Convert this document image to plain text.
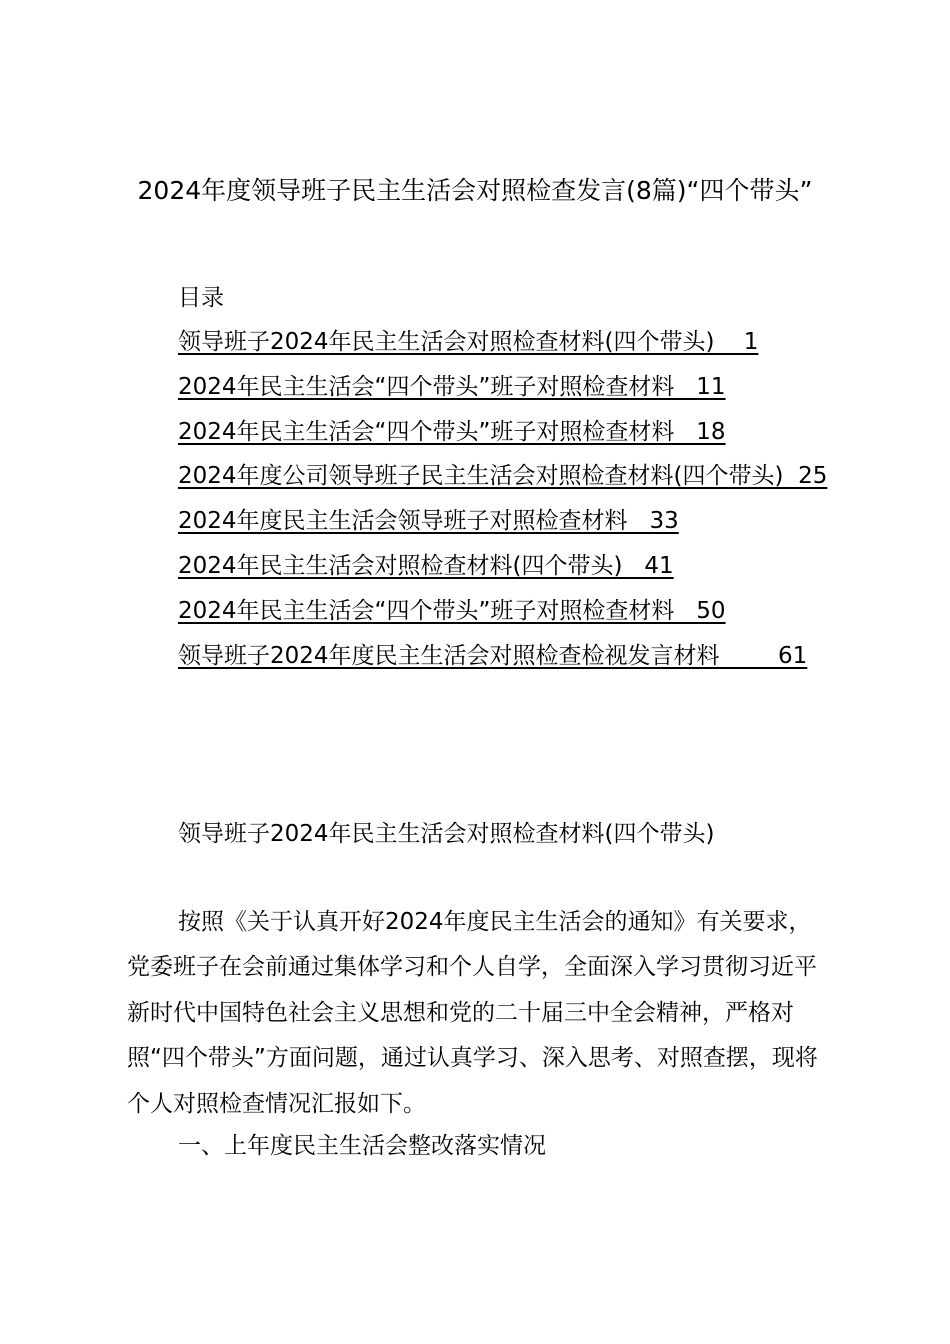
2024年度领导班子民主生活会对照检查发言(8篇)“四个带头”
目录
领导班子2024年民主生活会对照检查材料(四个带头)    1
2024年民主生活会“四个带头”班子对照检查材料   11
2024年民主生活会“四个带头”班子对照检查材料   18
2024年度公司领导班子民主生活会对照检查材料(四个带头)  25
2024年度民主生活会领导班子对照检查材料   33
2024年民主生活会对照检查材料(四个带头)   41
2024年民主生活会“四个带头”班子对照检查材料   50
领导班子2024年度民主生活会对照检查检视发言材料        61
领导班子2024年民主生活会对照检查材料(四个带头)

按照《关于认真开好2024年度民主生活会的通知》有关要求，党委班子在会前通过集体学习和个人自学，全面深入学习贯彻习近平新时代中国特色社会主义思想和党的二十届三中全会精神，严格对照“四个带头”方面问题，通过认真学习、深入思考、对照查摆，现将个人对照检查情况汇报如下。

一、上年度民主生活会整改落实情况
